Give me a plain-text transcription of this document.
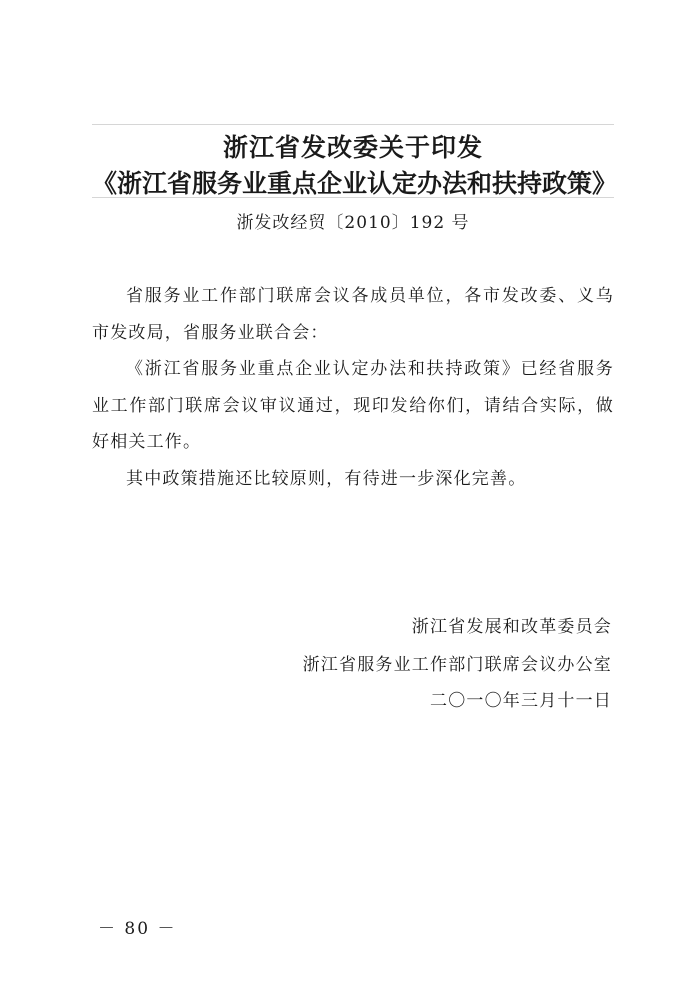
浙江省发改委关于印发
《浙江省服务业重点企业认定办法和扶持政策》
浙发改经贸〔2010〕192 号

省服务业工作部门联席会议各成员单位，各市发改委、义乌市发改局，省服务业联合会：

《浙江省服务业重点企业认定办法和扶持政策》已经省服务业工作部门联席会议审议通过，现印发给你们，请结合实际，做好相关工作。

其中政策措施还比较原则，有待进一步深化完善。

浙江省发展和改革委员会
浙江省服务业工作部门联席会议办公室
二〇一〇年三月十一日
－ 80 －
